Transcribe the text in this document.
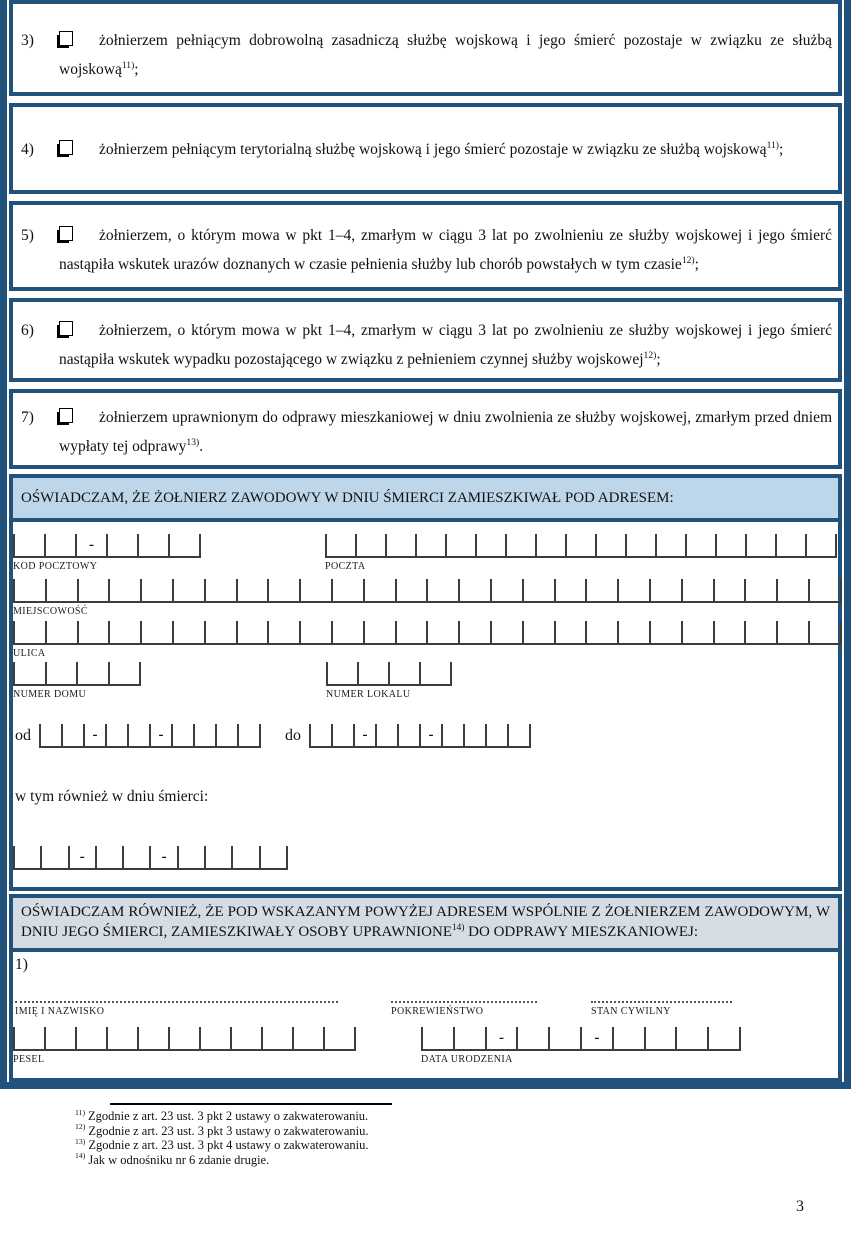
3)	żołnierzem pełniącym dobrowolną zasadniczą służbę wojskową i jego śmierć pozostaje w związku ze służbą wojskową$^{11)}$;
4)	żołnierzem pełniącym terytorialną służbę wojskową i jego śmierć pozostaje w związku ze służbą wojskową$^{11)}$;
5)	żołnierzem, o którym mowa w pkt 1–4, zmarłym w ciągu 3 lat po zwolnieniu ze służby wojskowej i jego śmierć nastąpiła wskutek urazów doznanych w czasie pełnienia służby lub chorób powstałych w tym czasie$^{12)}$;
6)	żołnierzem, o którym mowa w pkt 1–4, zmarłym w ciągu 3 lat po zwolnieniu ze służby wojskowej i jego śmierć nastąpiła wskutek wypadku pozostającego w związku z pełnieniem czynnej służby wojskowej$^{12)}$;
7)	żołnierzem uprawnionym do odprawy mieszkaniowej w dniu zwolnienia ze służby wojskowej, zmarłym przed dniem wypłaty tej odprawy$^{13)}$.
OŚWIADCZAM, ŻE ŻOŁNIERZ ZAWODOWY W DNIU ŚMIERCI ZAMIESZKIWAŁ POD ADRESEM:
-
KOD POCZTOWY	POCZTA
MIEJSCOWOŚĆ
ULICA
NUMER DOMU	NUMER LOKALU
od	-	-	do	-	-
w tym również w dniu śmierci:
-	-
OŚWIADCZAM RÓWNIEŻ, ŻE POD WSKAZANYM POWYŻEJ ADRESEM WSPÓLNIE Z ŻOŁNIERZEM ZAWODOWYM, W DNIU JEGO ŚMIERCI, ZAMIESZKIWAŁY OSOBY UPRAWNIONE$^{14)}$ DO ODPRAWY MIESZKANIOWEJ:
1)
IMIĘ I NAZWISKO	POKREWIEŃSTWO	STAN CYWILNY
PESEL
-	-
DATA URODZENIA
$^{11)}$ Zgodnie z art. 23 ust. 3 pkt 2 ustawy o zakwaterowaniu.
$^{12)}$ Zgodnie z art. 23 ust. 3 pkt 3 ustawy o zakwaterowaniu.
$^{13)}$ Zgodnie z art. 23 ust. 3 pkt 4 ustawy o zakwaterowaniu.
$^{14)}$ Jak w odnośniku nr 6 zdanie drugie.
3
